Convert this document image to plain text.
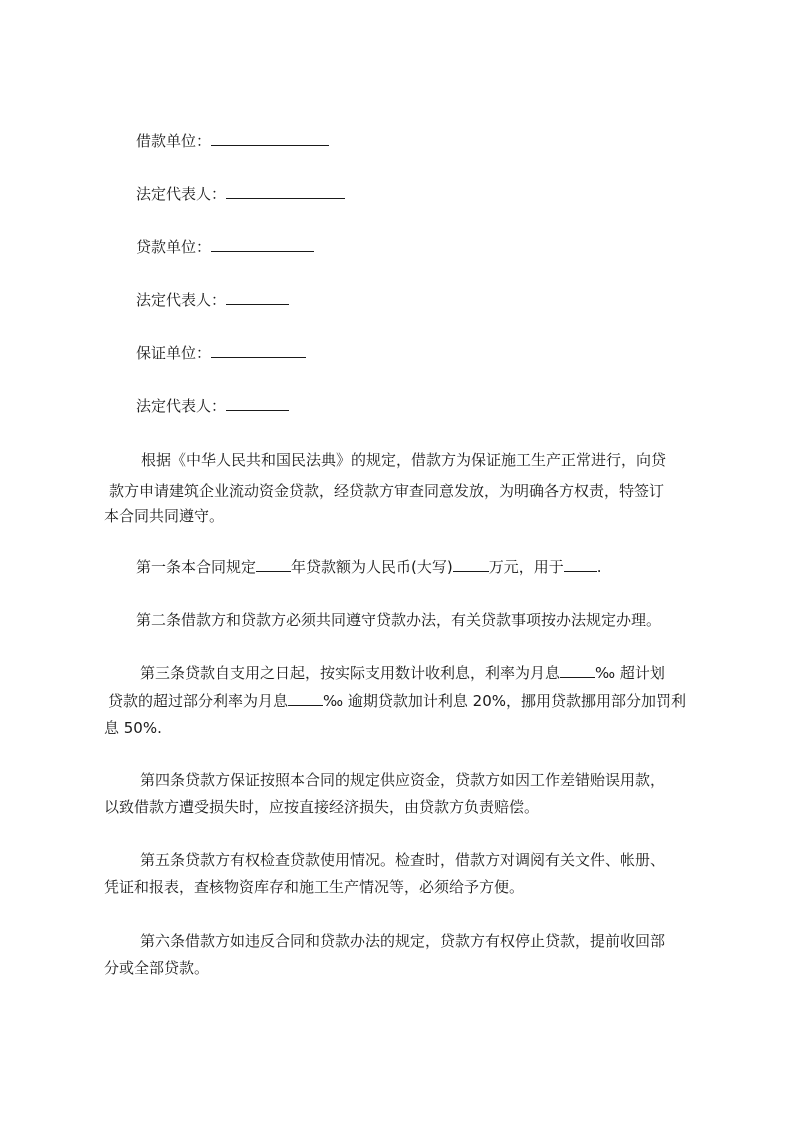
借款单位：
法定代表人：
贷款单位：
法定代表人：
保证单位：
法定代表人：
根据《中华人民共和国民法典》的规定，借款方为保证施工生产正常进行，向贷
款方申请建筑企业流动资金贷款，经贷款方审查同意发放，为明确各方权责，特签订
本合同共同遵守。
第一条本合同规定 年贷款额为人民币(大写) 万元，用于 .
第二条借款方和贷款方必须共同遵守贷款办法，有关贷款事项按办法规定办理。
第三条贷款自支用之日起，按实际支用数计收利息，利率为月息 ‰ 超计划
贷款的超过部分利率为月息 ‰ 逾期贷款加计利息 20%，挪用贷款挪用部分加罚利
息 50%.
第四条贷款方保证按照本合同的规定供应资金，贷款方如因工作差错贻误用款，
以致借款方遭受损失时，应按直接经济损失，由贷款方负责赔偿。
第五条贷款方有权检查贷款使用情况。检查时，借款方对调阅有关文件、帐册、
凭证和报表，查核物资库存和施工生产情况等，必须给予方便。
第六条借款方如违反合同和贷款办法的规定，贷款方有权停止贷款，提前收回部
分或全部贷款。
